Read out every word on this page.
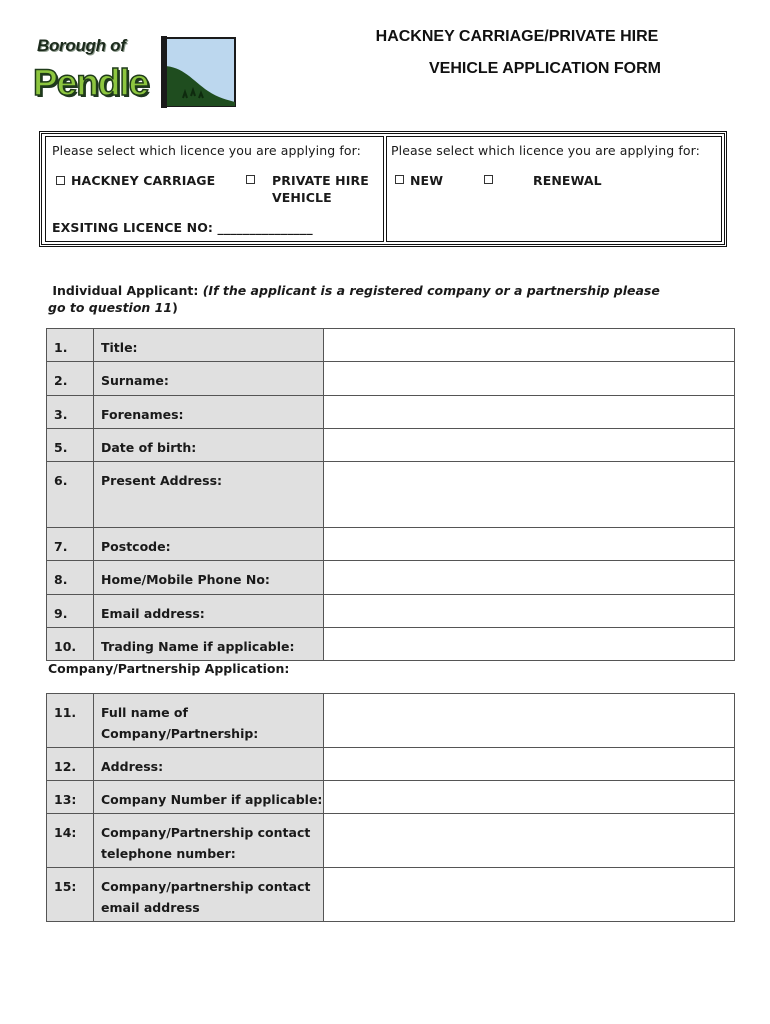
Borough of
Pendle
HACKNEY CARRIAGE/PRIVATE HIRE
VEHICLE APPLICATION FORM
Please select which licence you are applying for:
HACKNEY CARRIAGE	PRIVATE HIRE
VEHICLE
EXSITING LICENCE NO: _______________
Please select which licence you are applying for:
NEW	RENEWAL
Individual Applicant: (If the applicant is a registered company or a partnership please go to question 11)
1.	Title:	

2.	Surname:	

3.	Forenames:	

5.	Date of birth:	

6.	Present Address:	

7.	Postcode:	

8.	Home/Mobile Phone No:	

9.	Email address:	

10.	Trading Name if applicable:	

Company/Partnership Application:
11.	Full name of
Company/Partnership:	

12.	Address:	

13:	Company Number if applicable:	

14:	Company/Partnership contact
telephone number:	

15:	Company/partnership contact
email address	
